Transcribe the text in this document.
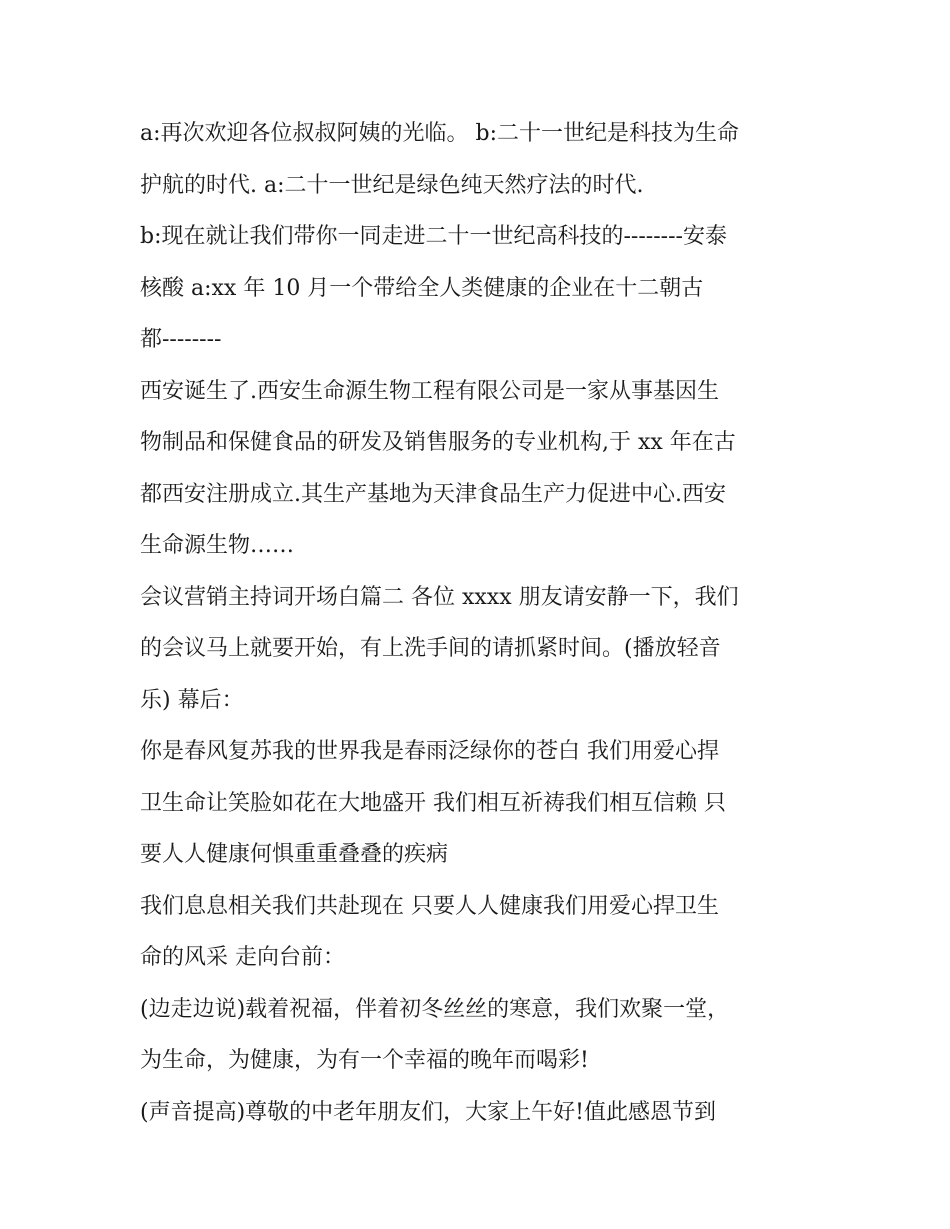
a:再次欢迎各位叔叔阿姨的光临。 b:二十一世纪是科技为生命
护航的时代. a:二十一世纪是绿色纯天然疗法的时代.
b:现在就让我们带你一同走进二十一世纪高科技的--------安泰
核酸 a:xx 年 10 月一个带给全人类健康的企业在十二朝古
都--------
西安诞生了.西安生命源生物工程有限公司是一家从事基因生
物制品和保健食品的研发及销售服务的专业机构,于 xx 年在古
都西安注册成立.其生产基地为天津食品生产力促进中心.西安
生命源生物……
会议营销主持词开场白篇二 各位 xxxx 朋友请安静一下，我们
的会议马上就要开始，有上洗手间的请抓紧时间。(播放轻音
乐) 幕后：
你是春风复苏我的世界我是春雨泛绿你的苍白 我们用爱心捍
卫生命让笑脸如花在大地盛开 我们相互祈祷我们相互信赖 只
要人人健康何惧重重叠叠的疾病
我们息息相关我们共赴现在 只要人人健康我们用爱心捍卫生
命的风采 走向台前：
(边走边说)载着祝福，伴着初冬丝丝的寒意，我们欢聚一堂，
为生命，为健康，为有一个幸福的晚年而喝彩!
(声音提高)尊敬的中老年朋友们，大家上午好!值此感恩节到
